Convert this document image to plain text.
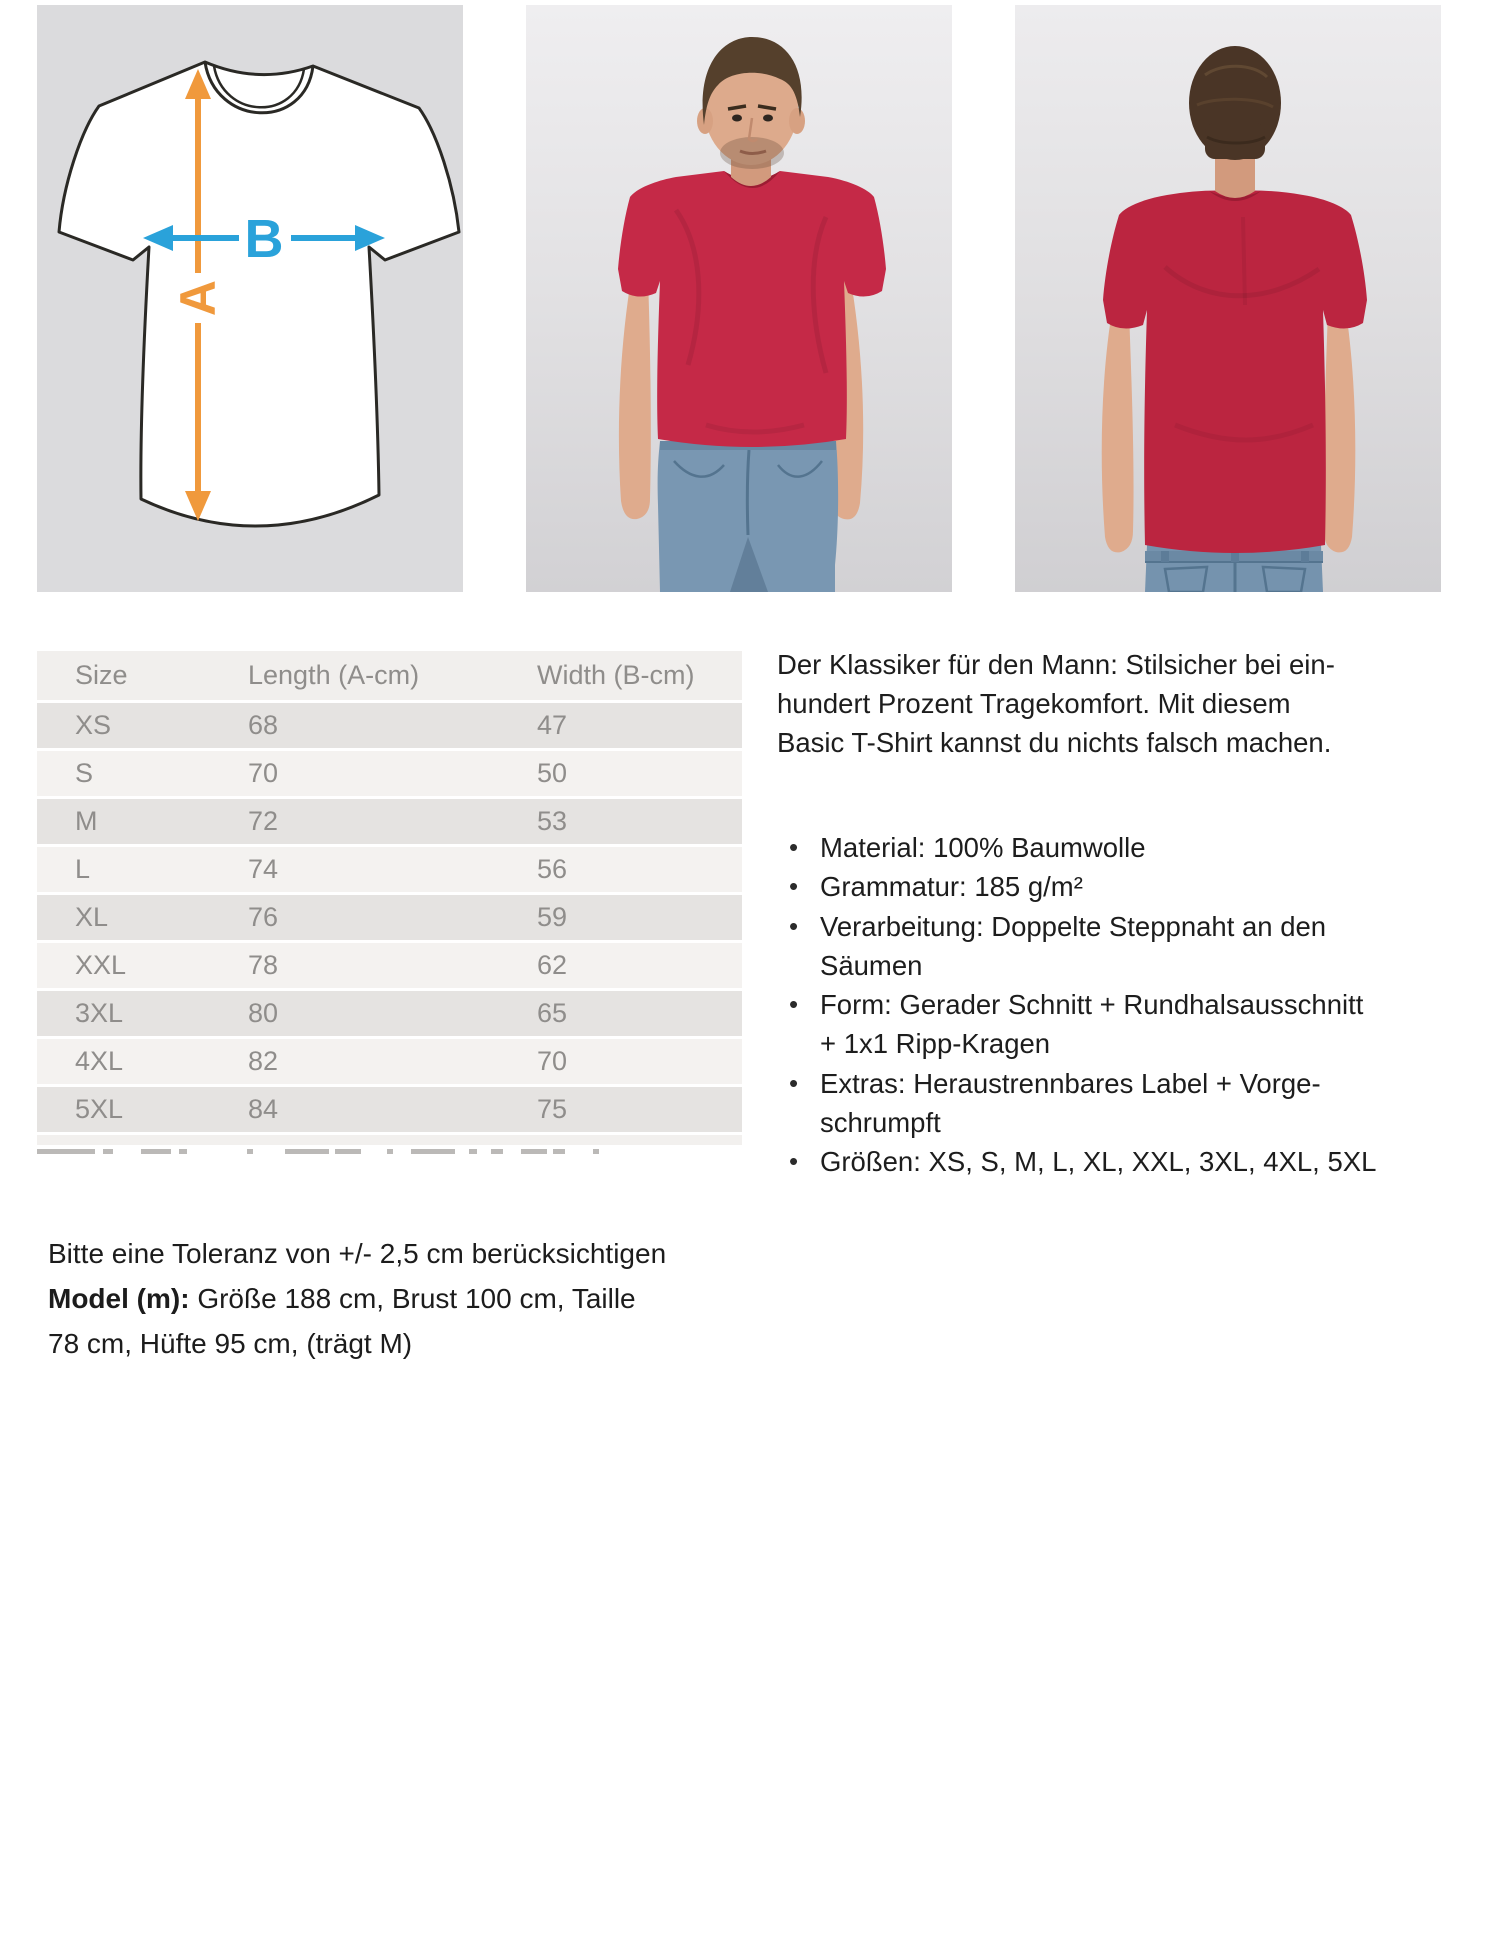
A
B
Size	Length (A-cm)	Width (B-cm)
XS	68	47
S	70	50
M	72	53
L	74	56
XL	76	59
XXL	78	62
3XL	80	65
4XL	82	70
5XL	84	75

Der Klassiker für den Mann: Stilsicher bei ein-
hundert Prozent Tragekomfort. Mit diesem
Basic T-Shirt kannst du nichts falsch machen.

• Material: 100% Baumwolle
• Grammatur: 185 g/m²
• Verarbeitung: Doppelte Steppnaht an den
Säumen
• Form: Gerader Schnitt + Rundhalsausschnitt
+ 1x1 Ripp-Kragen
• Extras: Heraustrennbares Label + Vorge-
schrumpft
• Größen: XS, S, M, L, XL, XXL, 3XL, 4XL, 5XL

Bitte eine Toleranz von +/- 2,5 cm berücksichtigen

Model (m): Größe 188 cm, Brust 100 cm, Taille

78 cm, Hüfte 95 cm, (trägt M)
